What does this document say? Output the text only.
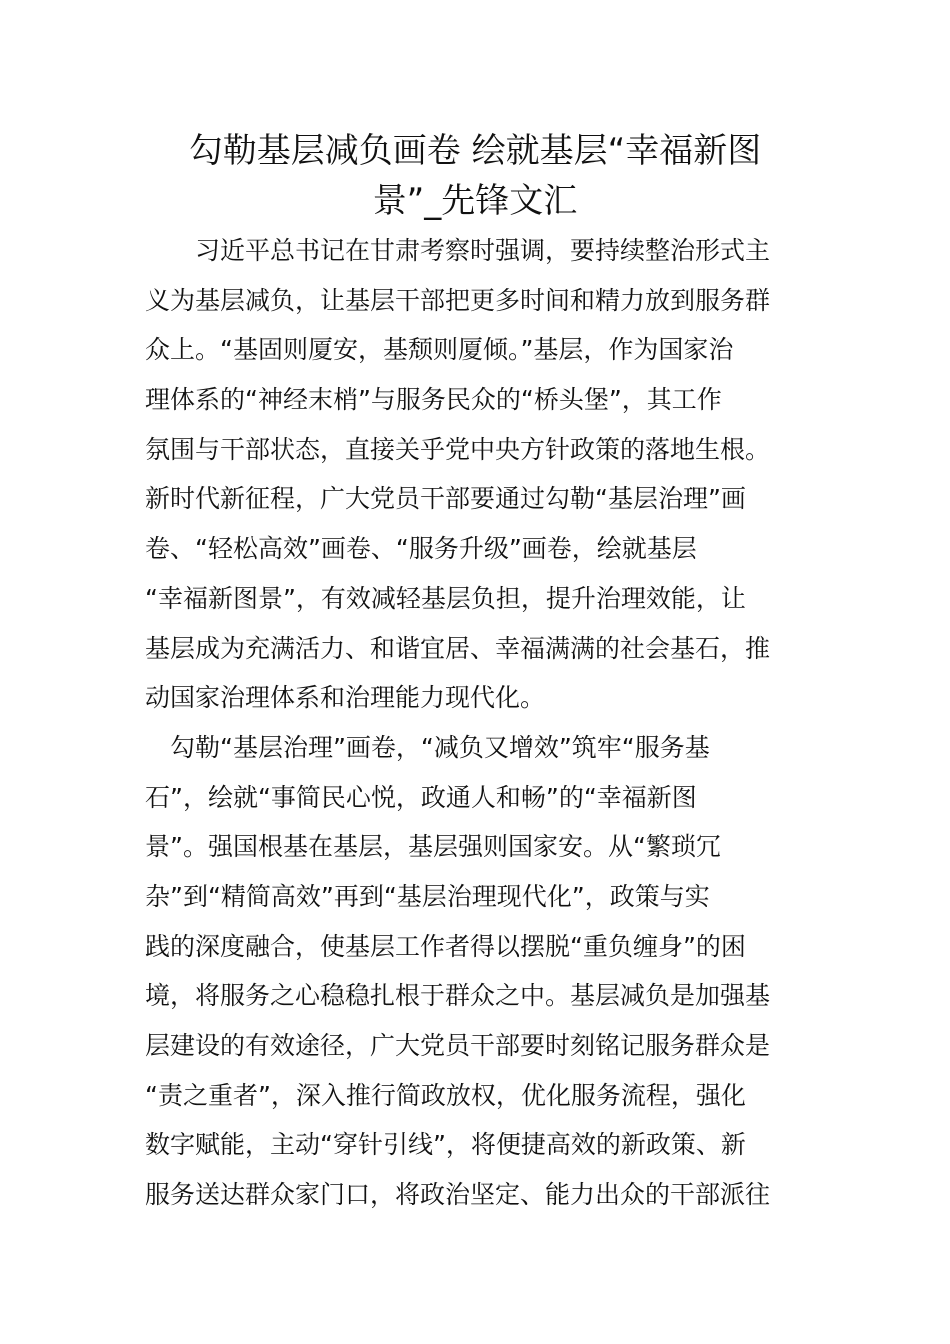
勾勒基层减负画卷 绘就基层“幸福新图
景”_先锋文汇
　　习近平总书记在甘肃考察时强调，要持续整治形式主
义为基层减负，让基层干部把更多时间和精力放到服务群
众上。“基固则厦安，基颓则厦倾。”基层，作为国家治
理体系的“神经末梢”与服务民众的“桥头堡”，其工作
氛围与干部状态，直接关乎党中央方针政策的落地生根。
新时代新征程，广大党员干部要通过勾勒“基层治理”画
卷、“轻松高效”画卷、“服务升级”画卷，绘就基层
“幸福新图景”，有效减轻基层负担，提升治理效能，让
基层成为充满活力、和谐宜居、幸福满满的社会基石，推
动国家治理体系和治理能力现代化。
　勾勒“基层治理”画卷，“减负又增效”筑牢“服务基
石”，绘就“事简民心悦，政通人和畅”的“幸福新图
景”。强国根基在基层，基层强则国家安。从“繁琐冗
杂”到“精简高效”再到“基层治理现代化”，政策与实
践的深度融合，使基层工作者得以摆脱“重负缠身”的困
境，将服务之心稳稳扎根于群众之中。基层减负是加强基
层建设的有效途径，广大党员干部要时刻铭记服务群众是
“责之重者”，深入推行简政放权，优化服务流程，强化
数字赋能，主动“穿针引线”，将便捷高效的新政策、新
服务送达群众家门口，将政治坚定、能力出众的干部派往
